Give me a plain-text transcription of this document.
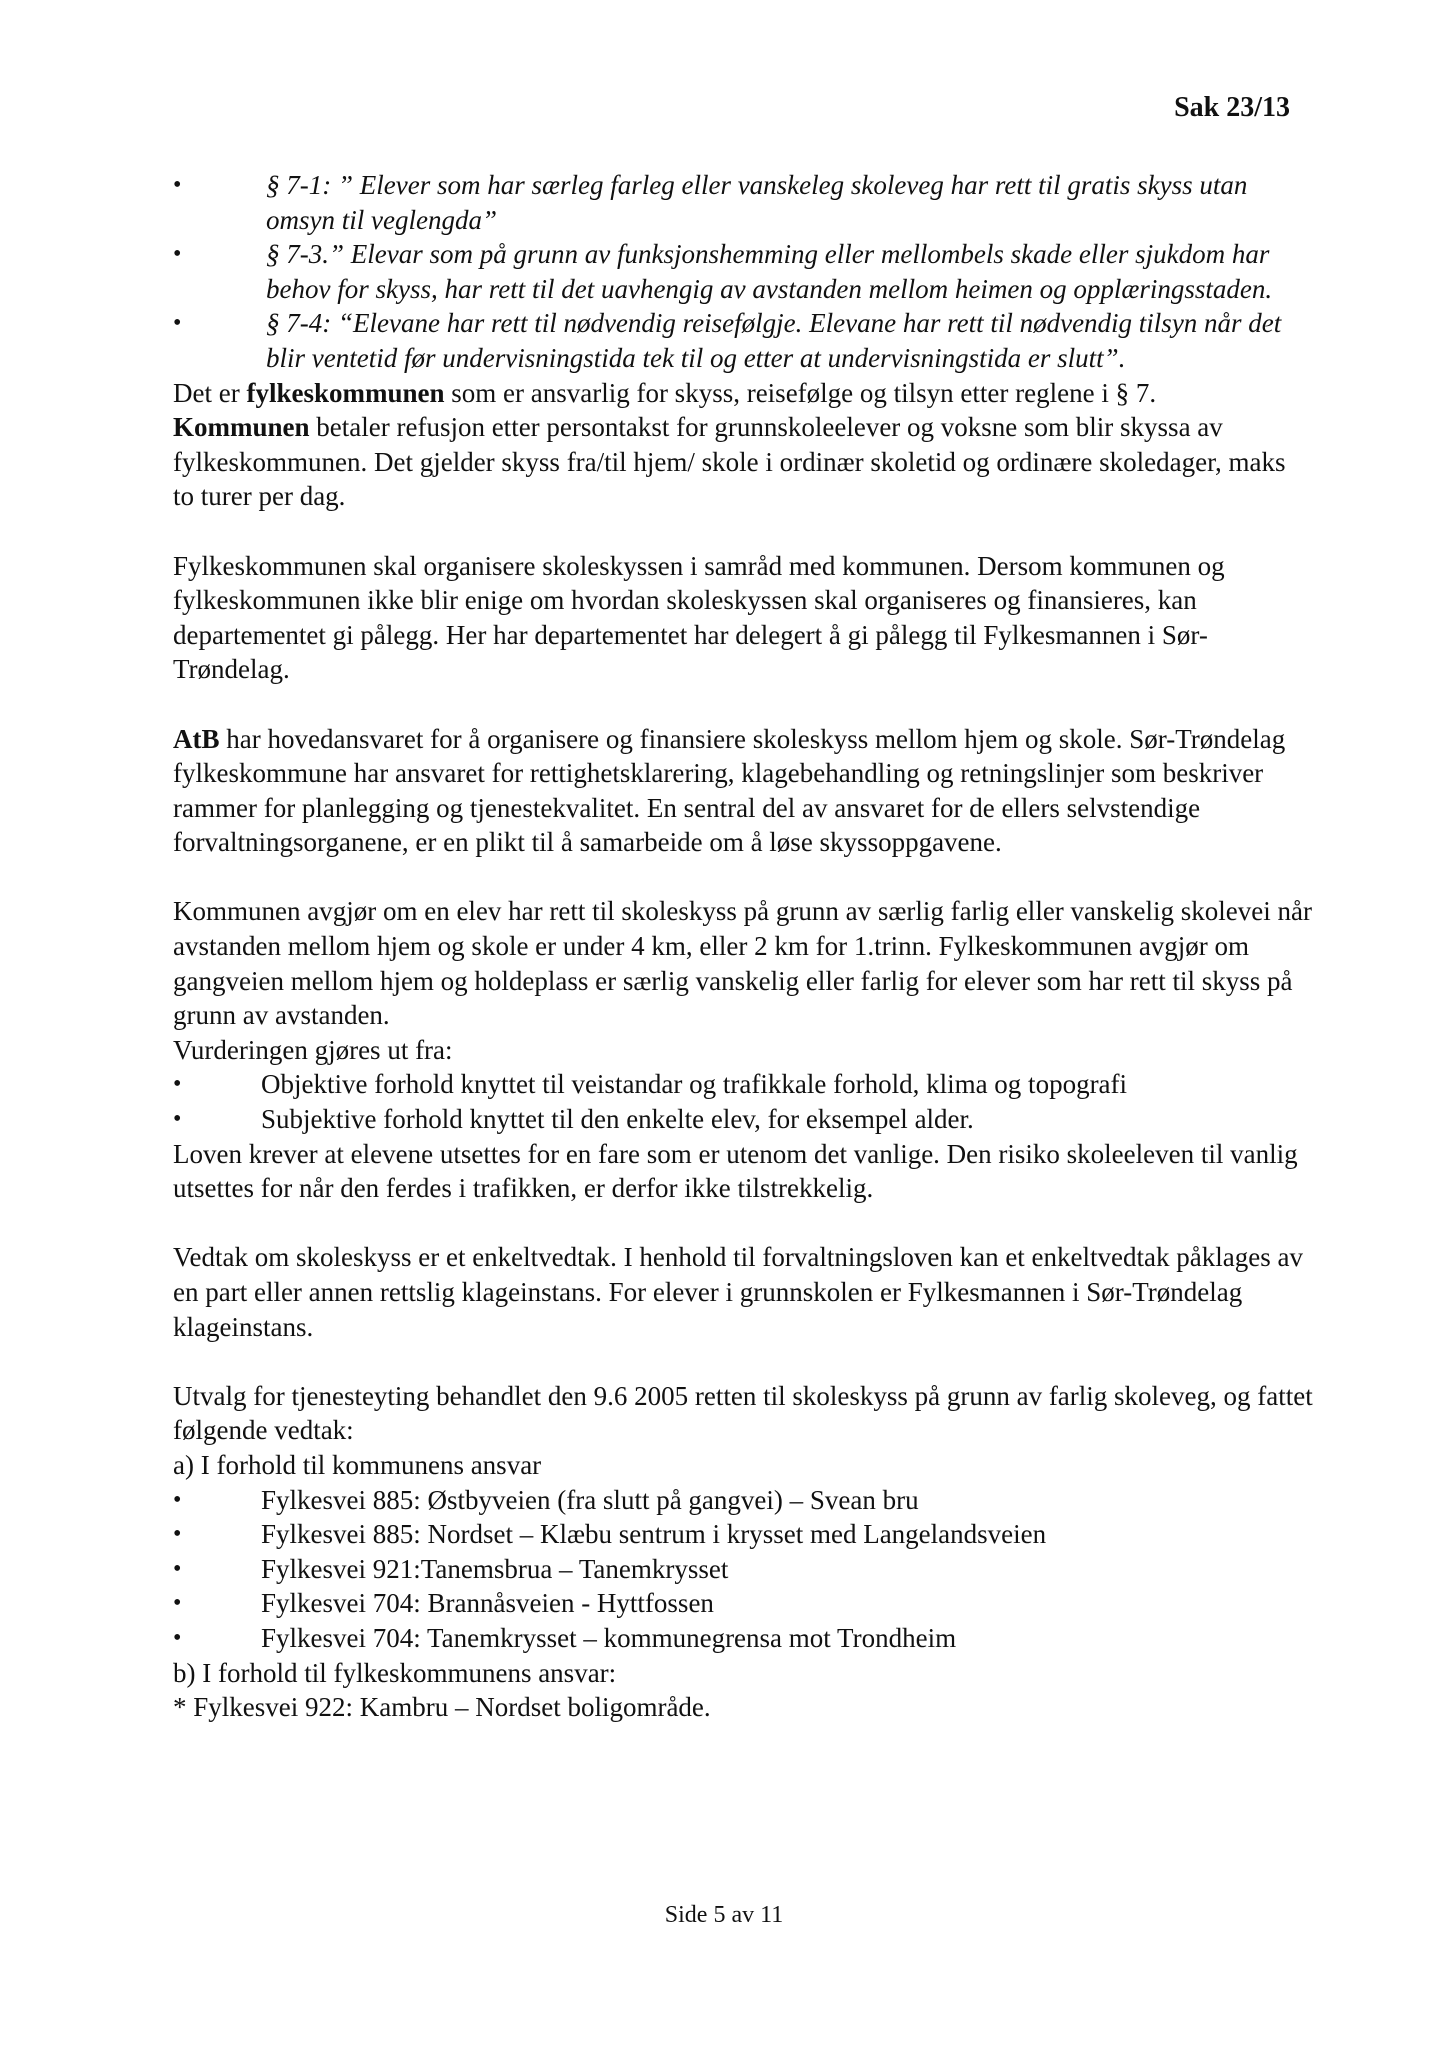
Sak 23/13
• § 7-1: ” Elever som har særleg farleg eller vanskeleg skoleveg har rett til gratis skyss utan omsyn til veglengda”
• § 7-3.” Elevar som på grunn av funksjonshemming eller mellombels skade eller sjukdom har behov for skyss, har rett til det uavhengig av avstanden mellom heimen og opplæringsstaden.
• § 7-4: “Elevane har rett til nødvendig reisefølgje. Elevane har rett til nødvendig tilsyn når det blir ventetid før undervisningstida tek til og etter at undervisningstida er slutt”.

Det er fylkeskommunen som er ansvarlig for skyss, reisefølge og tilsyn etter reglene i § 7.
Kommunen betaler refusjon etter persontakst for grunnskoleelever og voksne som blir skyssa av fylkeskommunen. Det gjelder skyss fra/til hjem/ skole i ordinær skoletid og ordinære skoledager, maks to turer per dag.

Fylkeskommunen skal organisere skoleskyssen i samråd med kommunen. Dersom kommunen og fylkeskommunen ikke blir enige om hvordan skoleskyssen skal organiseres og finansieres, kan departementet gi pålegg. Her har departementet har delegert å gi pålegg til Fylkesmannen i Sør-Trøndelag.

AtB har hovedansvaret for å organisere og finansiere skoleskyss mellom hjem og skole. Sør-Trøndelag fylkeskommune har ansvaret for rettighetsklarering, klagebehandling og retningslinjer som beskriver rammer for planlegging og tjenestekvalitet. En sentral del av ansvaret for de ellers selvstendige forvaltningsorganene, er en plikt til å samarbeide om å løse skyssoppgavene.

Kommunen avgjør om en elev har rett til skoleskyss på grunn av særlig farlig eller vanskelig skolevei når avstanden mellom hjem og skole er under 4 km, eller 2 km for 1.trinn. Fylkeskommunen avgjør om gangveien mellom hjem og holdeplass er særlig vanskelig eller farlig for elever som har rett til skyss på grunn av avstanden.

Vurderingen gjøres ut fra:

• Objektive forhold knyttet til veistandar og trafikkale forhold, klima og topografi
• Subjektive forhold knyttet til den enkelte elev, for eksempel alder.

Loven krever at elevene utsettes for en fare som er utenom det vanlige. Den risiko skoleeleven til vanlig utsettes for når den ferdes i trafikken, er derfor ikke tilstrekkelig.

Vedtak om skoleskyss er et enkeltvedtak. I henhold til forvaltningsloven kan et enkeltvedtak påklages av en part eller annen rettslig klageinstans. For elever i grunnskolen er Fylkesmannen i Sør-Trøndelag klageinstans.

Utvalg for tjenesteyting behandlet den 9.6 2005 retten til skoleskyss på grunn av farlig skoleveg, og fattet følgende vedtak:

a) I forhold til kommunens ansvar

• Fylkesvei 885: Østbyveien (fra slutt på gangvei) – Svean bru
• Fylkesvei 885: Nordset – Klæbu sentrum i krysset med Langelandsveien
• Fylkesvei 921:Tanemsbrua – Tanemkrysset
• Fylkesvei 704: Brannåsveien - Hyttfossen
• Fylkesvei 704: Tanemkrysset – kommunegrensa mot Trondheim

b) I forhold til fylkeskommunens ansvar:

* Fylkesvei 922: Kambru – Nordset boligområde.

Side 5 av 11
